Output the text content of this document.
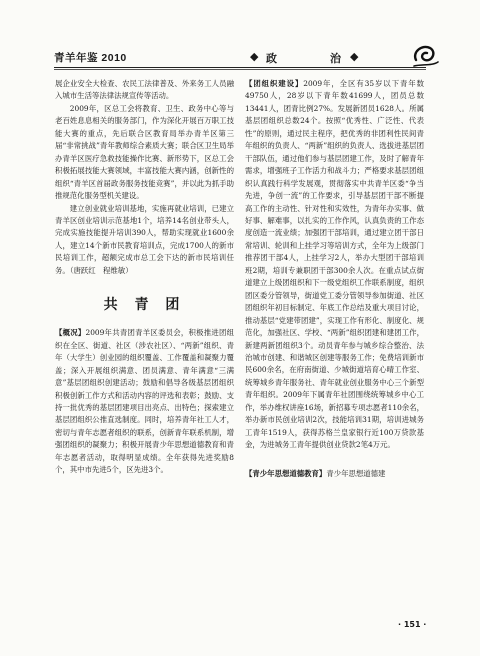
青羊年鉴 2010	◆ 政	治 ◆

展企业安全大检查、农民工法律普及、外来务工人员融入城市生活等法律法规宣传等活动。

2009年，区总工会将教育、卫生、政务中心等与老百姓息息相关的服务部门，作为深化开展百万职工技能大赛的重点，先后联合区教育局举办青羊区第三届“非常挑战”青年教师综合素质大赛；联合区卫生局举办青羊区医疗急救技能操作比赛、新形势下，区总工会积极拓展技能大赛领域，丰富技能大赛内涵，创新性的组织“青羊区首届政务服务技能竞赛”，并以此为抓手助推规范化服务型机关建设。

建立创业就业培训基地，实施再就业培训，已建立青羊区创业培训示范基地1个，培养14名创业带头人，完成实施技能提升培训390人，帮助实现就业1600余人，建立14个新市民教育培训点，完成1700人的新市民培训工作，超额完成市总工会下达的新市民培训任务。（唐跃红　程维敏）

共 青 团

【概况】2009年共青团青羊区委员会，积极推进团组织在全区、街道、社区（涉农社区）、“两新”组织、青年（大学生）创业园的组织覆盖、工作覆盖和凝聚力覆盖；深入开展组织满意、团员满意、青年满意“三满意”基层团组织创建活动；鼓励和倡导各级基层团组织积极创新工作方式和活动内容的评选和表彰；鼓励、支持一批优秀的基层团建项目出亮点、出特色；探索建立基层团组织公推直选制度。同时，培养青年社工人才，密切与青年志愿者组织的联系，创新青年联系机制，增强团组织的凝聚力；积极开展青少年思想道德教育和青年志愿者活动，取得明显成绩。全年获得先进奖励8个，其中市先进5个，区先进3个。

【团组织建设】2009年，全区有35岁以下青年数49750人，28岁以下青年数41699人，团员总数13441人，团青比例27%。发展新团员1628人。所属基层团组织总数24个。按照“优秀性、广泛性、代表性”的原则，通过民主程序，把优秀的非团利性民间青年组织的负责人、“两新”组织的负责人、选拔进基层团干部队伍，通过他们参与基层团建工作，及时了解青年需求，增强班子工作活力和战斗力；严格要求基层团组织认真践行科学发展观，贯彻落实中共青羊区委“争当先进，争创一流”的工作要求，引导基层团干部不断提高工作的主动性、针对性和实效性，为青年办实事、做好事、解难事，以扎实的工作作风，认真负责的工作态度创造一流业绩；加强团干部培训，通过建立团干部日常培训、轮训和上挂学习等培训方式，全年为上级部门推荐团干部4人，上挂学习2人，举办大型团干部培训班2期，培训专兼职团干部300余人次。在重点试点街道建立上级团组织和下一级党组织工作联系制度，组织团区委分管领导，街道党工委分管领导参加街道、社区团组织年初目标制定、年底工作总结及重大项目讨论，推动基层“党建带团建”，实现工作有形化、制度化、规范化，加强社区、学校、“两新”组织团建和建团工作，新建两新团组织3个。动员青年参与城乡综合整治、法治城市创建、和谐城区创建等服务工作；免费培训新市民600余名，在府南街道、少城街道培育心晴工作室、统筹城乡青年服务社、青年就业创业服务中心三个新型青年组织。2009年下属青年社团围绕统筹城乡中心工作，举办维权讲座16场，新招募专项志愿者110余名，举办新市民创业培训2次，技能培训31期，培训进城务工青年1519人，获得苏格兰皇家银行近100万贷款基金，为进城务工青年提供创业贷款2笔4万元。

【青少年思想道德教育】青少年思想道德建

· 151 ·
